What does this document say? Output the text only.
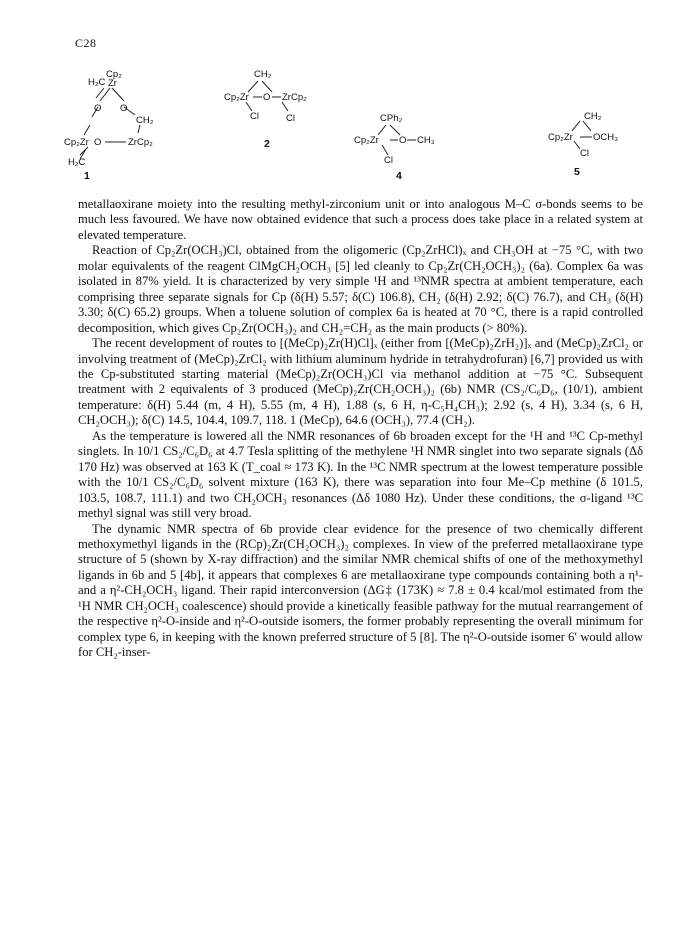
C28
H₂C
Cp₂
Zr
O O
CH₂
Cp₂Zr O	ZrCp₂
H₂C
1
CH₂
Cp₂Zr O ZrCp₂
Cl	Cl
2
CPh₂
Cp₂Zr O CH₃
Cl
4
CH₂
Cp₂Zr OCH₃
Cl
5

metallaoxirane moiety into the resulting methyl-zirconium unit or into analogous M–C σ-bonds seems to be much less favoured. We have now obtained evidence that such a process does take place in a related system at elevated temperature.

Reaction of Cp₂Zr(OCH₃)Cl, obtained from the oligomeric (Cp₂ZrHCl)ₓ and CH₃OH at −75 °C, with two molar equivalents of the reagent ClMgCH₂OCH₃ [5] led cleanly to Cp₂Zr(CH₂OCH₃)₂ (6a). Complex 6a was isolated in 87% yield. It is characterized by very simple ¹H and ¹³NMR spectra at ambient temperature, each comprising three separate signals for Cp (δ(H) 5.57; δ(C) 106.8), CH₂ (δ(H) 2.92; δ(C) 76.7), and CH₃ (δ(H) 3.30; δ(C) 65.2) groups. When a toluene solution of complex 6a is heated at 70 °C, there is a rapid controlled decomposition, which gives Cp₂Zr(OCH₃)₂ and CH₂=CH₂ as the main products (> 80%).

The recent development of routes to [(MeCp)₂Zr(H)Cl]ₓ (either from [(MeCp)₂ZrH₂)]ₓ and (MeCp)₂ZrCl₂ or involving treatment of (MeCp)₂ZrCl₂ with lithium aluminum hydride in tetrahydrofuran) [6,7] provided us with the Cp-substituted starting material (MeCp)₂Zr(OCH₃)Cl via methanol addition at −75 °C. Subsequent treatment with 2 equivalents of 3 produced (MeCp)₂Zr(CH₂OCH₃)₂ (6b) NMR (CS₂/C₆D₆, (10/1), ambient temperature: δ(H) 5.44 (m, 4 H), 5.55 (m, 4 H), 1.88 (s, 6 H, η-C₅H₄CH₃); 2.92 (s, 4 H), 3.34 (s, 6 H, CH₂OCH₃); δ(C) 14.5, 104.4, 109.7, 118. 1 (MeCp), 64.6 (OCH₃), 77.4 (CH₂).

As the temperature is lowered all the NMR resonances of 6b broaden except for the ¹H and ¹³C Cp-methyl singlets. In 10/1 CS₂/C₆D₆ at 4.7 Tesla splitting of the methylene ¹H NMR singlet into two separate signals (Δδ 170 Hz) was observed at 163 K (T_coal ≈ 173 K). In the ¹³C NMR spectrum at the lowest temperature possible with the 10/1 CS₂/C₆D₆ solvent mixture (163 K), there was separation into four Me–Cp methine (δ 101.5, 103.5, 108.7, 111.1) and two CH₂OCH₃ resonances (Δδ 1080 Hz). Under these conditions, the σ-ligand ¹³C methyl signal was still very broad.

The dynamic NMR spectra of 6b provide clear evidence for the presence of two chemically different methoxymethyl ligands in the (RCp)₂Zr(CH₂OCH₃)₂ complexes. In view of the preferred metallaoxirane type structure of 5 (shown by X-ray diffraction) and the similar NMR chemical shifts of one of the methoxymethyl ligands in 6b and 5 [4b], it appears that complexes 6 are metallaoxirane type compounds containing both a η¹- and a η²-CH₂OCH₃ ligand. Their rapid interconversion (ΔG‡ (173K) ≈ 7.8 ± 0.4 kcal/mol estimated from the ¹H NMR CH₂OCH₃ coalescence) should provide a kinetically feasible pathway for the mutual rearrangement of the respective η²-O-inside and η²-O-outside isomers, the former probably representing the overall minimum for complex type 6, in keeping with the known preferred structure of 5 [8]. The η²-O-outside isomer 6′ would allow for CH₂-inser-
